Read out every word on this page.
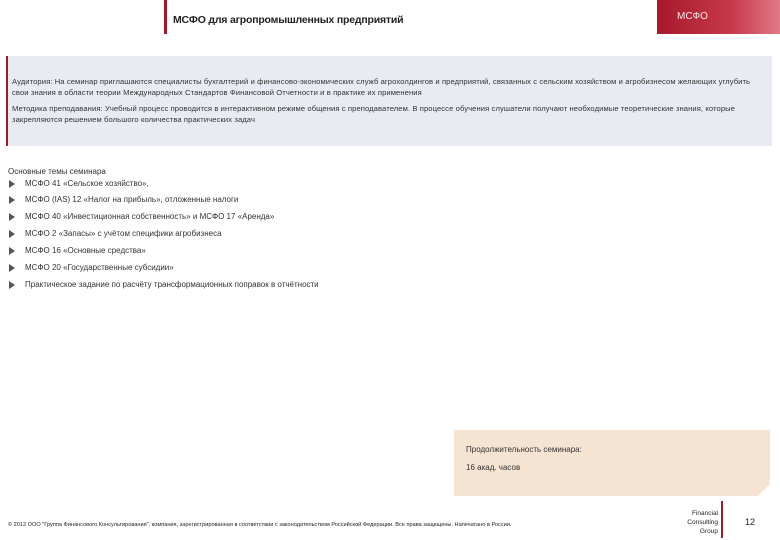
МСФО для агропромышленных предприятий	МСФО

Аудитория: На семинар приглашаются специалисты бухгалтерий и финансово-экономических служб агрохолдингов и предприятий, связанных с сельским хозяйством и агробизнесом желающих углубить свои знания в области теории Международных Стандартов Финансовой Отчетности и в практике их применения

Методика преподавания: Учебный процесс проводится в интерактивном режиме общения с преподавателем. В процессе обучения слушатели получают необходимые теоретические знания, которые закрепляются решением большого количества практических задач

Основные темы семинара
МСФО 41 «Сельское хозяйство»,
МСФО (IAS) 12 «Налог на прибыль», отложенные налоги
МСФО 40 «Инвестиционная собственность» и МСФО 17 «Аренда»
МСФО 2 «Запасы» с учётом специфики агробизнеса
МСФО 16 «Основные средства»
МСФО 20 «Государственные субсидии»
Практическое задание по расчёту трансформационных поправок в отчётности
Продолжительность семинара:
16 акад. часов
© 2012 ООО "Группа Финансового Консультирования", компания, зарегистрированная в соответствии с законодательством Российской Федерации. Все права защищены. Напечатано в России.
Financial
Consulting
Group
12
